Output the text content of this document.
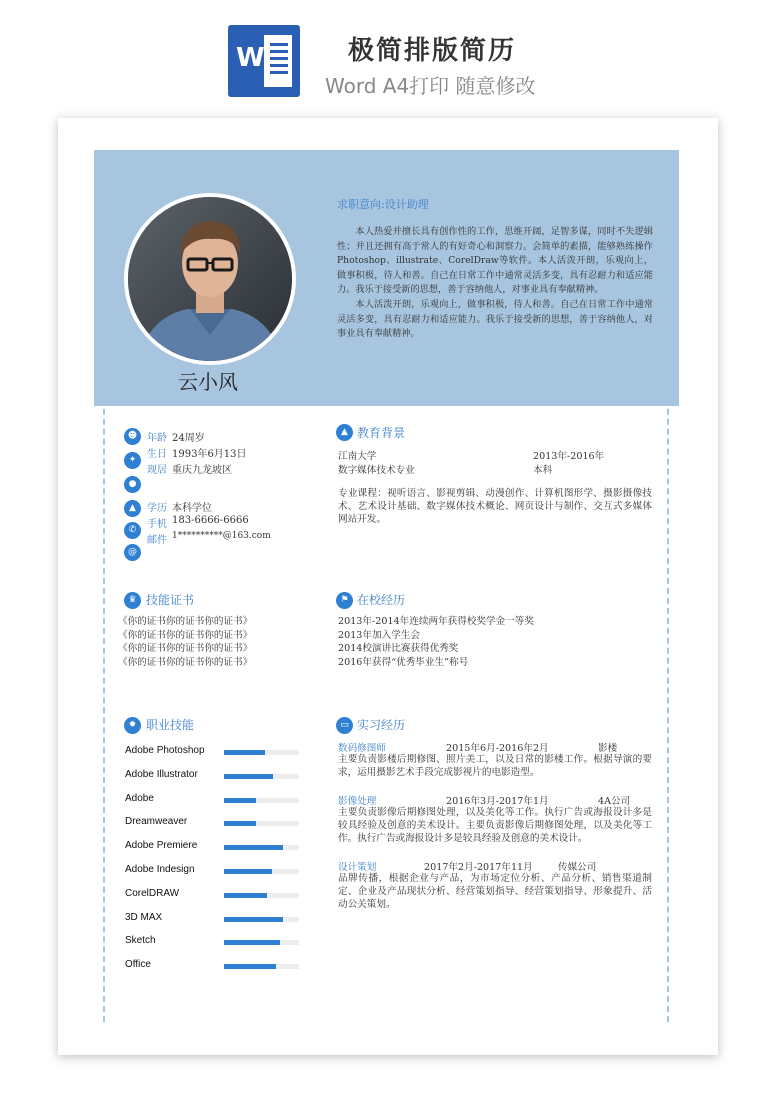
W	极简排版简历
Word A4打印 随意修改
云小风
求职意向:设计助理

本人热爱并擅长具有创作性的工作，思维开阔，足智多谋，同时不失逻辑性；并且还拥有高于常人的有好奇心和洞察力。会简单的素描，能够熟练操作Photoshop、illustrate、CorelDraw等软件。本人活泼开朗，乐观向上，做事积极，待人和善。自己在日常工作中通常灵活多变，具有忍耐力和适应能力。我乐于接受新的思想，善于容纳他人，对事业具有奉献精神。

本人活泼开朗，乐观向上，做事积极，待人和善。自己在日常工作中通常灵活多变，具有忍耐力和适应能力。我乐于接受新的思想，善于容纳他人，对事业具有奉献精神。

☻
✦
●
▲
✆
@
年龄 24周岁
生日 1993年6月13日
现居 重庆九龙坡区
学历 本科学位
手机 183-6666-6666
邮件 1**********@163.com
▲ 教育背景
江南大学	2013年-2016年
数字媒体技术专业	本科
专业课程：视听语言、影视剪辑、动漫创作、计算机图形学、摄影摄像技术、艺术设计基础、数字媒体技术概论、网页设计与制作、交互式多媒体网站开发。
♛ 技能证书
《你的证书你的证书你的证书》
《你的证书你的证书你的证书》
《你的证书你的证书你的证书》
《你的证书你的证书你的证书》
⚑ 在校经历
2013年-2014年连续两年获得校奖学金一等奖
2013年加入学生会
2014校演讲比赛获得优秀奖
2016年获得“优秀毕业生”称号
✹ 职业技能
Adobe Photoshop
Adobe Illustrator
Adobe
Dreamweaver
Adobe Premiere
Adobe Indesign
CorelDRAW
3D MAX
Sketch
Office
▭ 实习经历
数码修图师	2015年6月-2016年2月	影楼
主要负责影楼后期修图、照片美工，以及日常的影楼工作。根据导演的要求，运用摄影艺术手段完成影视片的电影造型。
影像处理	2016年3月-2017年1月	4A公司
主要负责影像后期修图处理，以及美化等工作。执行广告或海报设计多是较具经验及创意的美术设计。主要负责影像后期修图处理，以及美化等工作。执行广告或海报设计多是较具经验及创意的美术设计。
设计策划	2017年2月-2017年11月	传媒公司
品牌传播，根据企业与产品，为市场定位分析、产品分析、销售渠道制定、企业及产品现状分析、经营策划指导、经营策划指导、形象提升、活动公关策划。
